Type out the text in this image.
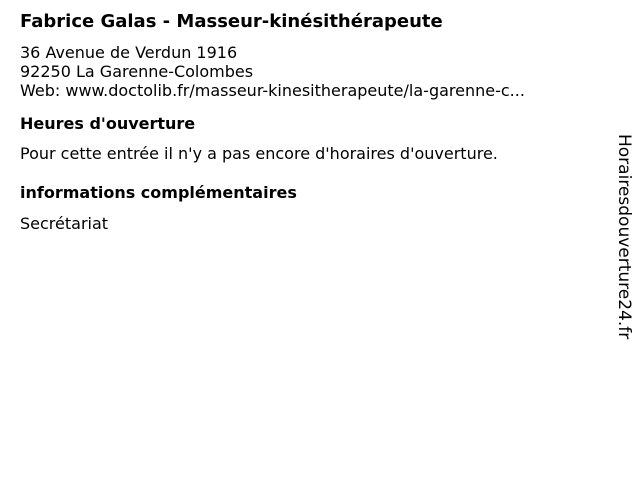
Fabrice Galas - Masseur-kinésithérapeute
36 Avenue de Verdun 1916
92250 La Garenne-Colombes
Web: www.doctolib.fr/masseur-kinesitherapeute/la-garenne-c...
Heures d'ouverture
Pour cette entrée il n'y a pas encore d'horaires d'ouverture.
informations complémentaires
Secrétariat	Horairesdouverture24.fr
